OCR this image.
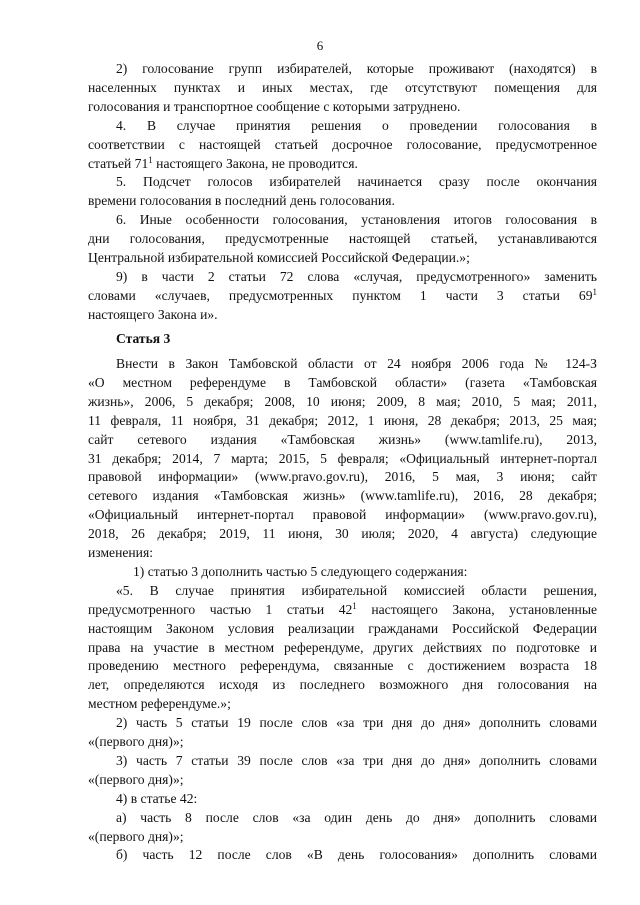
6
2) голосование групп избирателей, которые проживают (находятся) в
населенных пунктах и иных местах, где отсутствуют помещения для
голосования и транспортное сообщение с которыми затруднено.
4. В случае принятия решения о проведении голосования в
соответствии с настоящей статьей досрочное голосование, предусмотренное
статьей $71^1$ настоящего Закона, не проводится.
5. Подсчет голосов избирателей начинается сразу после окончания
времени голосования в последний день голосования.
6. Иные особенности голосования, установления итогов голосования в
дни голосования, предусмотренные настоящей статьей, устанавливаются
Центральной избирательной комиссией Российской Федерации.»;
9) в части 2 статьи 72 слова «случая, предусмотренного» заменить
словами «случаев, предусмотренных пунктом 1 части 3 статьи $69^1$
настоящего Закона и».
Статья 3
Внести в Закон Тамбовской области от 24 ноября 2006 года № 124-З
«О местном референдуме в Тамбовской области» (газета «Тамбовская
жизнь», 2006, 5 декабря; 2008, 10 июня; 2009, 8 мая; 2010, 5 мая; 2011,
11 февраля, 11 ноября, 31 декабря; 2012, 1 июня, 28 декабря; 2013, 25 мая;
сайт сетевого издания «Тамбовская жизнь» (www.tamlife.ru), 2013,
31 декабря; 2014, 7 марта; 2015, 5 февраля; «Официальный интернет-портал
правовой информации» (www.pravo.gov.ru), 2016, 5 мая, 3 июня; сайт
сетевого издания «Тамбовская жизнь» (www.tamlife.ru), 2016, 28 декабря;
«Официальный интернет-портал правовой информации» (www.pravo.gov.ru),
2018, 26 декабря; 2019, 11 июня, 30 июля; 2020, 4 августа) следующие
изменения:
1) статью 3 дополнить частью 5 следующего содержания:
«5. В случае принятия избирательной комиссией области решения,
предусмотренного частью 1 статьи $42^1$ настоящего Закона, установленные
настоящим Законом условия реализации гражданами Российской Федерации
права на участие в местном референдуме, других действиях по подготовке и
проведению местного референдума, связанные с достижением возраста 18
лет, определяются исходя из последнего возможного дня голосования на
местном референдуме.»;
2) часть 5 статьи 19 после слов «за три дня до дня» дополнить словами
«(первого дня)»;
3) часть 7 статьи 39 после слов «за три дня до дня» дополнить словами
«(первого дня)»;
4) в статье 42:
а) часть 8 после слов «за один день до дня» дополнить словами
«(первого дня)»;
б) часть 12 после слов «В день голосования» дополнить словами
